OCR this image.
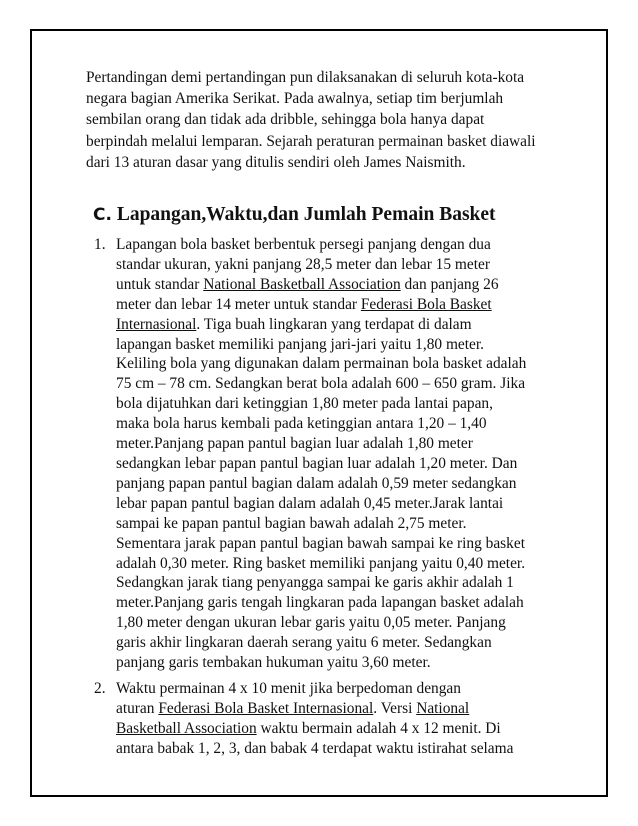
Pertandingan demi pertandingan pun dilaksanakan di seluruh kota-kota
negara bagian Amerika Serikat. Pada awalnya, setiap tim berjumlah
sembilan orang dan tidak ada dribble, sehingga bola hanya dapat
berpindah melalui lemparan. Sejarah peraturan permainan basket diawali
dari 13 aturan dasar yang ditulis sendiri oleh James Naismith.
C. Lapangan,Waktu,dan Jumlah Pemain Basket
1. Lapangan bola basket berbentuk persegi panjang dengan dua
standar ukuran, yakni panjang 28,5 meter dan lebar 15 meter
untuk standar National Basketball Association dan panjang 26
meter dan lebar 14 meter untuk standar Federasi Bola Basket
Internasional. Tiga buah lingkaran yang terdapat di dalam
lapangan basket memiliki panjang jari-jari yaitu 1,80 meter.
Keliling bola yang digunakan dalam permainan bola basket adalah
75 cm – 78 cm. Sedangkan berat bola adalah 600 – 650 gram. Jika
bola dijatuhkan dari ketinggian 1,80 meter pada lantai papan,
maka bola harus kembali pada ketinggian antara 1,20 – 1,40
meter.Panjang papan pantul bagian luar adalah 1,80 meter
sedangkan lebar papan pantul bagian luar adalah 1,20 meter. Dan
panjang papan pantul bagian dalam adalah 0,59 meter sedangkan
lebar papan pantul bagian dalam adalah 0,45 meter.Jarak lantai
sampai ke papan pantul bagian bawah adalah 2,75 meter.
Sementara jarak papan pantul bagian bawah sampai ke ring basket
adalah 0,30 meter. Ring basket memiliki panjang yaitu 0,40 meter.
Sedangkan jarak tiang penyangga sampai ke garis akhir adalah 1
meter.Panjang garis tengah lingkaran pada lapangan basket adalah
1,80 meter dengan ukuran lebar garis yaitu 0,05 meter. Panjang
garis akhir lingkaran daerah serang yaitu 6 meter. Sedangkan
panjang garis tembakan hukuman yaitu 3,60 meter.
2. Waktu permainan 4 x 10 menit jika berpedoman dengan
aturan Federasi Bola Basket Internasional. Versi National
Basketball Association waktu bermain adalah 4 x 12 menit. Di
antara babak 1, 2, 3, dan babak 4 terdapat waktu istirahat selama
